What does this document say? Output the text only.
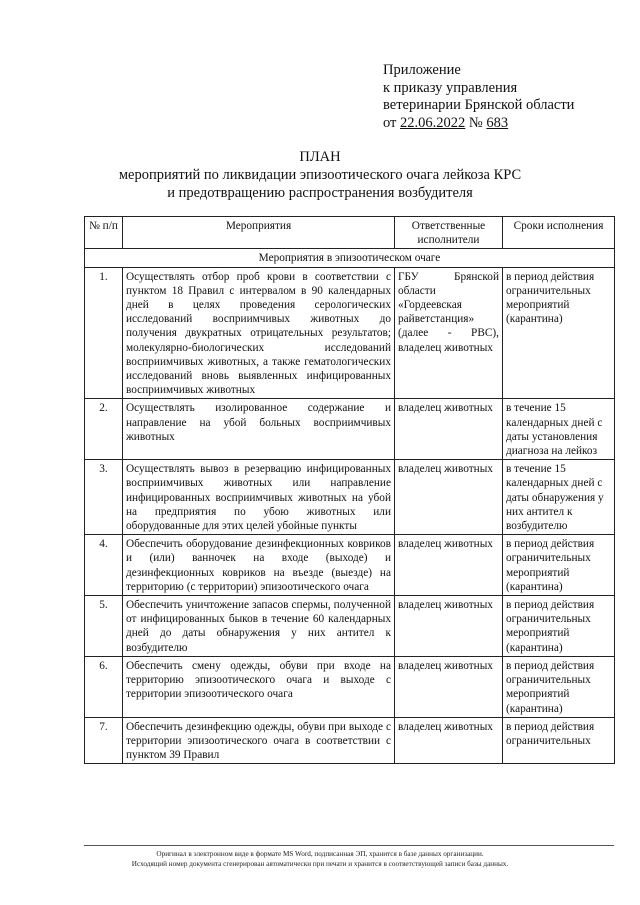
Приложение
к приказу управления
ветеринарии Брянской области
от 22.06.2022 № 683
ПЛАН
мероприятий по ликвидации эпизоотического очага лейкоза КРС
и предотвращению распространения возбудителя
№ п/п	Мероприятия	Ответственные исполнители	Сроки исполнения
Мероприятия в эпизоотическом очаге			
1.	Осуществлять отбор проб крови в соответствии с пунктом 18 Правил с интервалом в 90 календарных дней в целях проведения серологических исследований восприимчивых животных до получения двукратных отрицательных результатов; молекулярно-биологических исследований восприимчивых животных, а также гематологических исследований вновь выявленных инфицированных восприимчивых животных	ГБУ Брянской области «Гордеевская райветстанция» (далее - РВС), владелец животных	в период действия ограничительных мероприятий (карантина)
2.	Осуществлять изолированное содержание и направление на убой больных восприимчивых животных	владелец животных	в течение 15 календарных дней с даты установления диагноза на лейкоз
3.	Осуществлять вывоз в резервацию инфицированных восприимчивых животных или направление инфицированных восприимчивых животных на убой на предприятия по убою животных или оборудованные для этих целей убойные пункты	владелец животных	в течение 15 календарных дней с даты обнаружения у них антител к возбудителю
4.	Обеспечить оборудование дезинфекционных ковриков и (или) ванночек на входе (выходе) и дезинфекционных ковриков на въезде (выезде) на территорию (с территории) эпизоотического очага	владелец животных	в период действия ограничительных мероприятий (карантина)
5.	Обеспечить уничтожение запасов спермы, полученной от инфицированных быков в течение 60 календарных дней до даты обнаружения у них антител к возбудителю	владелец животных	в период действия ограничительных мероприятий (карантина)
6.	Обеспечить смену одежды, обуви при входе на территорию эпизоотического очага и выходе с территории эпизоотического очага	владелец животных	в период действия ограничительных мероприятий (карантина)
7.	Обеспечить дезинфекцию одежды, обуви при выходе с территории эпизоотического очага в соответствии с пунктом 39 Правил	владелец животных	в период действия ограничительных
Оригинал в электронном виде в формате MS Word, подписанная ЭП, хранится в базе данных организации.
Исходящий номер документа сгенерирован автоматически при печати и хранится в соответствующей записи базы данных.
